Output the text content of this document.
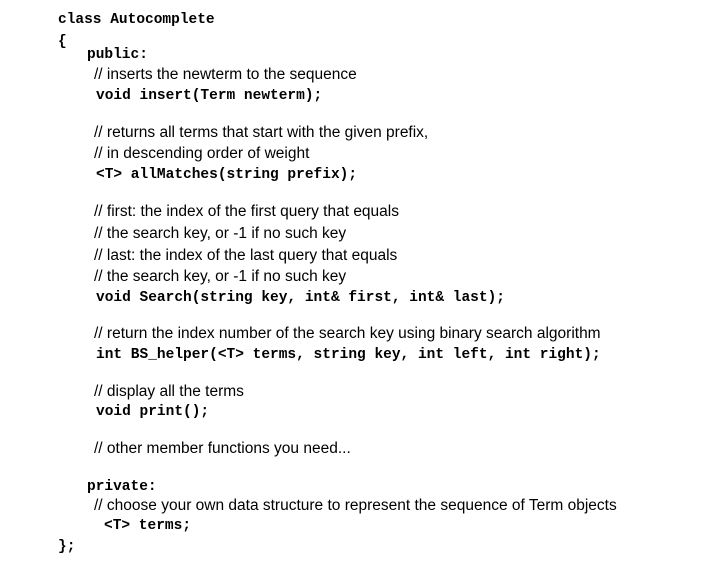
class Autocomplete
{
public:
// inserts the newterm to the sequence
void insert(Term newterm);
// returns all terms that start with the given prefix,
// in descending order of weight
<T> allMatches(string prefix);
// first: the index of the first query that equals
// the search key, or -1 if no such key
// last: the index of the last query that equals
// the search key, or -1 if no such key
void Search(string key, int& first, int& last);
// return the index number of the search key using binary search algorithm
int BS_helper(<T> terms, string key, int left, int right);
// display all the terms
void print();
// other member functions you need...
private:
// choose your own data structure to represent the sequence of Term objects
<T> terms;
};
